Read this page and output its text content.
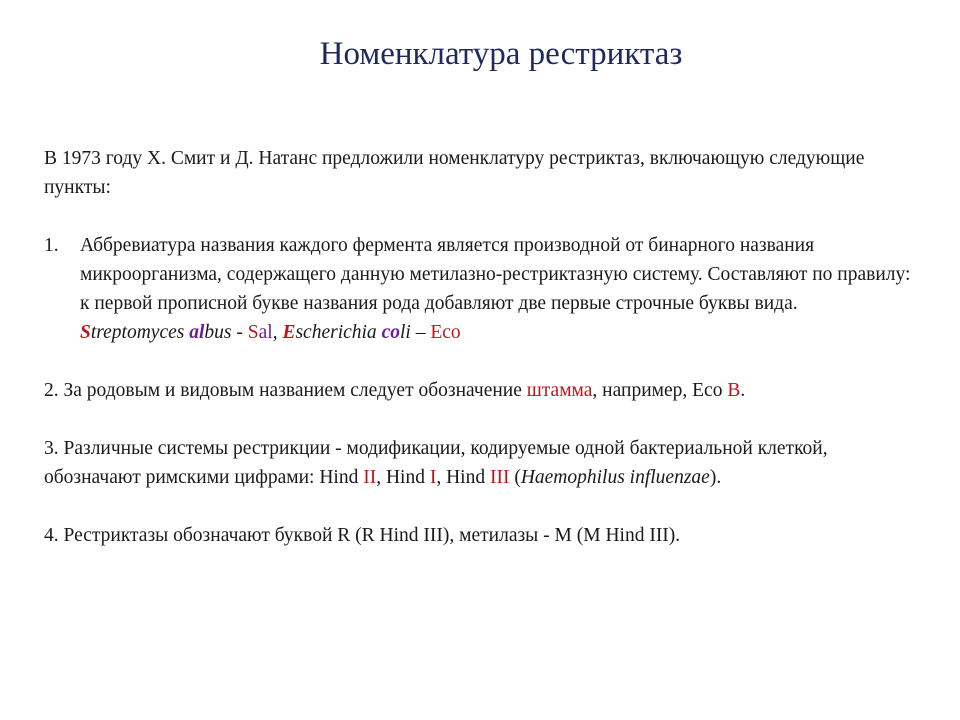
Номенклатура рестриктаз

В 1973 году Х. Смит и Д. Натанс предложили номенклатуру рестриктаз, включающую следующие пункты:

1.	Аббревиатура названия каждого фермента является производной от бинарного названия микроорганизма, содержащего данную метилазно-рестриктазную систему. Составляют по правилу: к первой прописной букве названия рода добавляют две первые строчные буквы вида.
Streptomyces albus - Sal, Escherichia coli – Eco

2. За родовым и видовым названием следует обозначение штамма, например, Eco B.

3. Различные системы рестрикции - модификации, кодируемые одной бактериальной клеткой, обозначают римскими цифрами: Hind II, Hind I, Hind III (Haemophilus influenzae).

4. Рестриктазы обозначают буквой R (R Hind III), метилазы - M (M Hind III).
